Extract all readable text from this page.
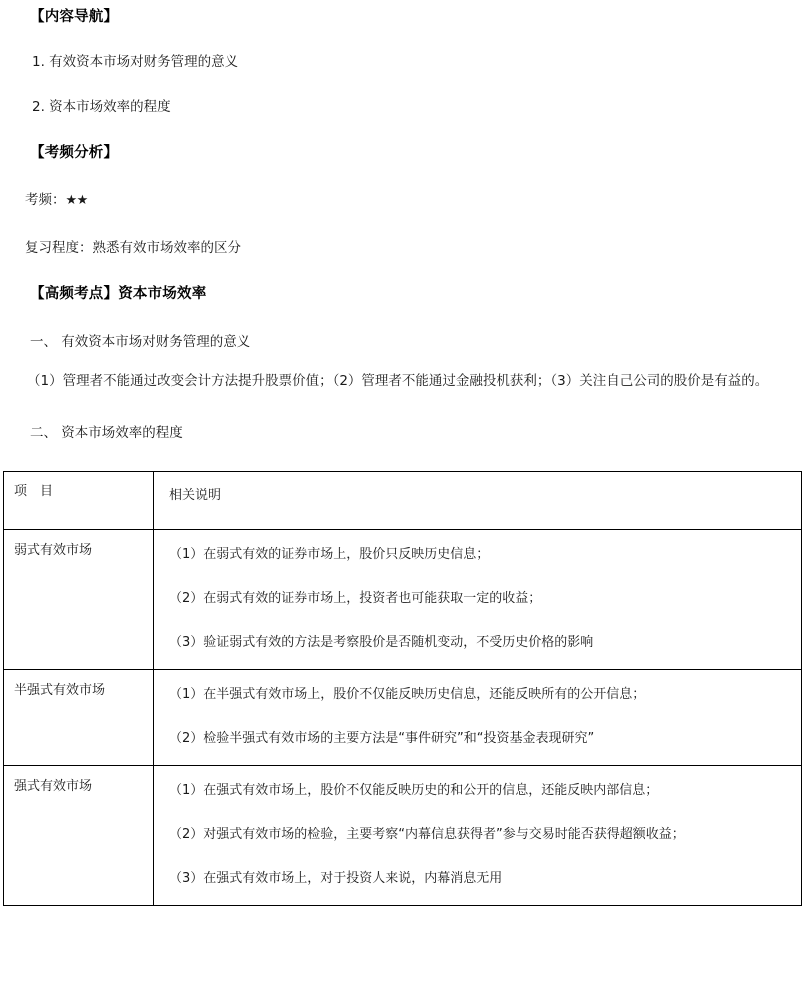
【内容导航】

1. 有效资本市场对财务管理的意义

2. 资本市场效率的程度

【考频分析】

考频：★★

复习程度：熟悉有效市场效率的区分

【高频考点】资本市场效率

一、 有效资本市场对财务管理的意义

（1）管理者不能通过改变会计方法提升股票价值；（2）管理者不能通过金融投机获利；（3）关注自己公司的股价是有益的。

二、 资本市场效率的程度

项　目	相关说明

弱式有效市场	（1）在弱式有效的证券市场上，股价只反映历史信息；

（2）在弱式有效的证券市场上，投资者也可能获取一定的收益；

（3）验证弱式有效的方法是考察股价是否随机变动，不受历史价格的影响

半强式有效市场	（1）在半强式有效市场上，股价不仅能反映历史信息，还能反映所有的公开信息；

（2）检验半强式有效市场的主要方法是“事件研究”和“投资基金表现研究”

强式有效市场	（1）在强式有效市场上，股价不仅能反映历史的和公开的信息，还能反映内部信息；

（2）对强式有效市场的检验，主要考察“内幕信息获得者”参与交易时能否获得超额收益；

（3）在强式有效市场上，对于投资人来说，内幕消息无用
